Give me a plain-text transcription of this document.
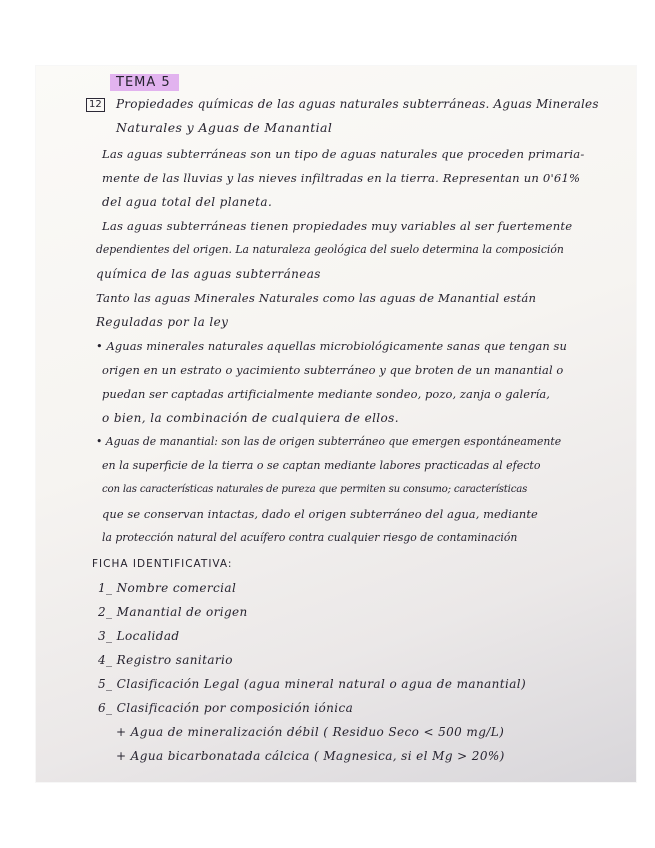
TEMA 5
12 Propiedades químicas de las aguas naturales subterráneas. Aguas Minerales
Naturales y Aguas de Manantial
Las aguas subterráneas son un tipo de aguas naturales que proceden primaria-
mente de las lluvias y las nieves infiltradas en la tierra. Representan un 0'61%
del agua total del planeta.
Las aguas subterráneas tienen propiedades muy variables al ser fuertemente
dependientes del origen. La naturaleza geológica del suelo determina la composición
química de las aguas subterráneas
Tanto las aguas Minerales Naturales como las aguas de Manantial están
Reguladas por la ley
• Aguas minerales naturales aquellas microbiológicamente sanas que tengan su
origen en un estrato o yacimiento subterráneo y que broten de un manantial o
puedan ser captadas artificialmente mediante sondeo, pozo, zanja o galería,
o bien, la combinación de cualquiera de ellos.
• Aguas de manantial: son las de origen subterráneo que emergen espontáneamente
en la superficie de la tierra o se captan mediante labores practicadas al efecto
con las características naturales de pureza que permiten su consumo; características
que se conservan intactas, dado el origen subterráneo del agua, mediante
la protección natural del acuífero contra cualquier riesgo de contaminación
FICHA IDENTIFICATIVA:
1_ Nombre comercial
2_ Manantial de origen
3_ Localidad
4_ Registro sanitario
5_ Clasificación Legal (agua mineral natural o agua de manantial)
6_ Clasificación por composición iónica
+ Agua de mineralización débil ( Residuo Seco < 500 mg/L)
+ Agua bicarbonatada cálcica ( Magnesica, si el Mg > 20%)
